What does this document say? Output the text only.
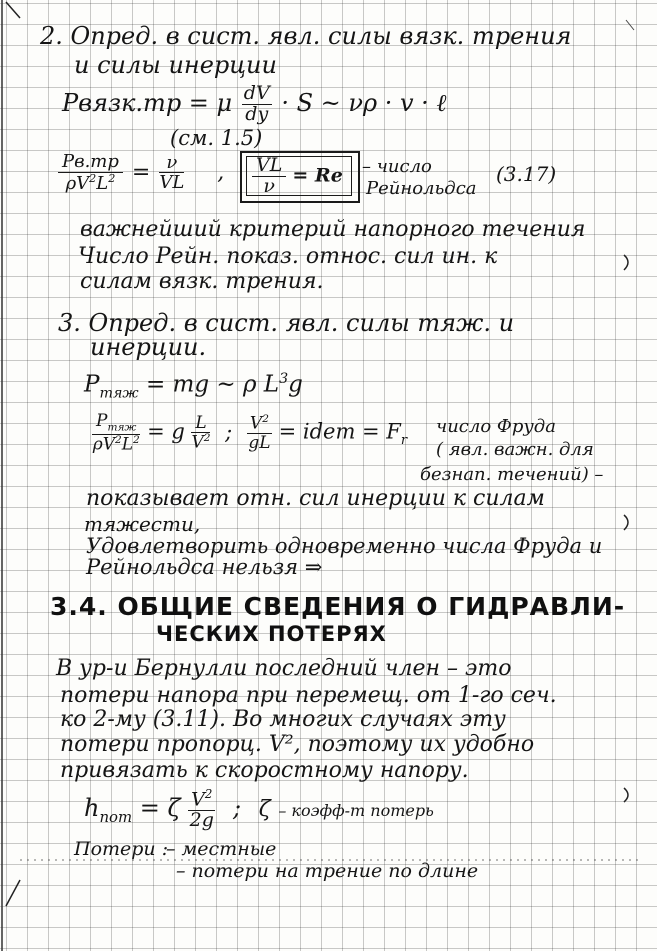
2. Опред. в сист. явл. силы вязк. трения
и силы инерции
Pвязк.тр = μ $\frac{dV}{dy} \cdot S$ ~ νρ · v · ℓ
(см. 1.5)
Pв.тр
$\rho V^2L^2 = \frac{\nu}{VL}$ , $\frac{VL}{\nu} = Re$ – число
Рейнольдса
(3.17)
важнейший критерий напорного течения
Число Рейн. показ. относ. сил ин. к
силам вязк. трения.
3. Опред. в сист. явл. силы тяж. и
инерции.
$P_{тяж}$ = mg ~ ρ $L^3g$
$P_{тяж}$
$\rho V^2L^2 = g \frac{L}{V^2}$ ; $\frac{V^2}{gL}$ = idem = $F_r$
число Фруда
( явл. важн. для
безнап. течений) –
показывает отн. сил инерции к силам
тяжести,
Удовлетворить одновременно числа Фруда и
Рейнольдса нельзя ⇒
3.4. ОБЩИЕ СВЕДЕНИЯ О ГИДРАВЛИ-
ЧЕСКИХ ПОТЕРЯХ
В ур-и Бернулли последний член – это
потери напора при перемещ. от 1-го сеч.
ко 2-му (3.11). Во многих случаях эту
потери пропорц. V², поэтому их удобно
привязать к скоростному напору.
$h_{пот} = \zeta \frac{V^2}{2g}$ ; ζ – коэфф-т потерь
Потери :
– местные
– потери на трение по длине
